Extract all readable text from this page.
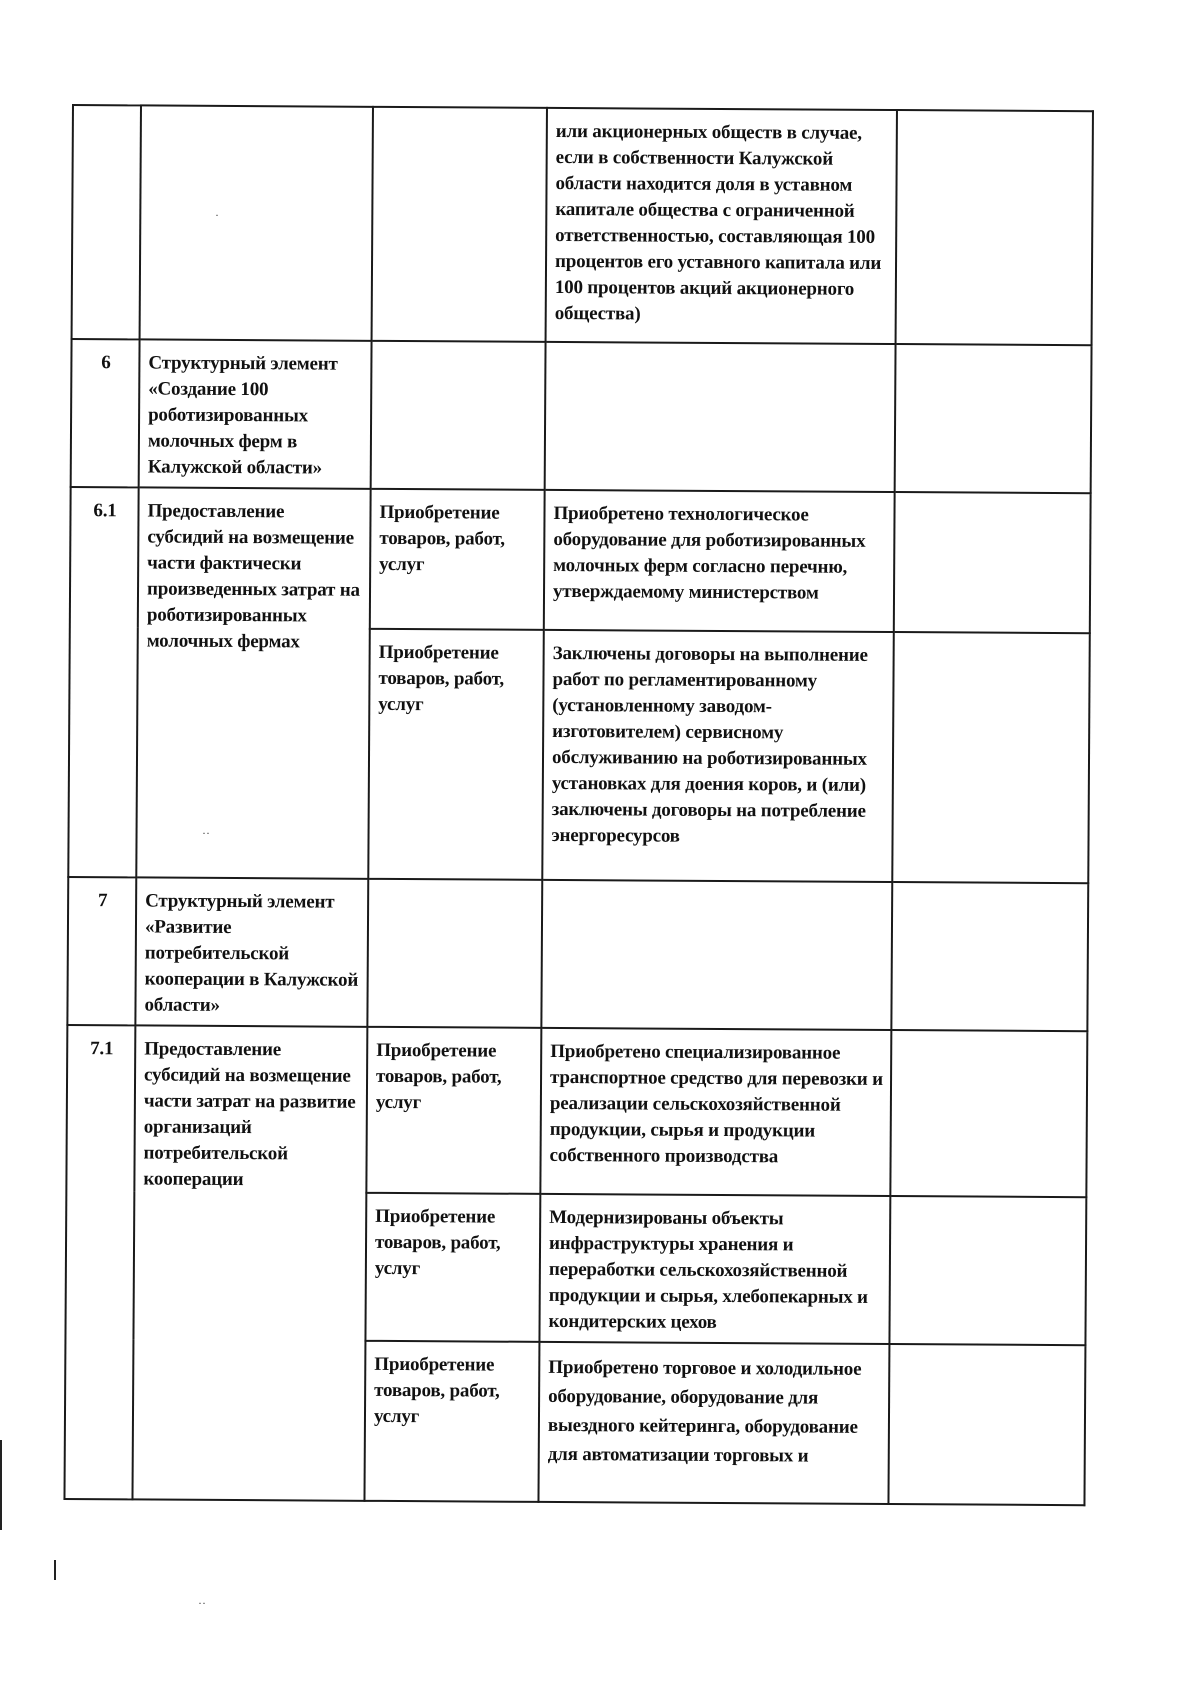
			или акционерных обществ в случае, если в собственности Калужской области находится доля в уставном капитале общества с ограниченной ответственностью, составляющая 100 процентов его уставного капитала или 100 процентов акций акционерного общества)	
6	Структурный элемент «Создание 100 роботизированных молочных ферм в Калужской области»			
6.1	Предоставление субсидий на возмещение части фактически произведенных затрат на роботизированных молочных фермах	Приобретение товаров, работ, услуг	Приобретено технологическое оборудование для роботизированных молочных ферм согласно перечню, утверждаемому министерством	
		Приобретение товаров, работ, услуг	Заключены договоры на выполнение работ по регламентированному (установленному заводом-изготовителем) сервисному обслуживанию на роботизированных установках для доения коров, и (или) заключены договоры на потребление энергоресурсов	
7	Структурный элемент «Развитие потребительской кооперации в Калужской области»			
7.1	Предоставление субсидий на возмещение части затрат на развитие организаций потребительской кооперации	Приобретение товаров, работ, услуг	Приобретено специализированное транспортное средство для перевозки и реализации сельскохозяйственной продукции, сырья и продукции собственного производства	
		Приобретение товаров, работ, услуг	Модернизированы объекты инфраструктуры хранения и переработки сельскохозяйственной продукции и сырья, хлебопекарных и кондитерских цехов	
		Приобретение товаров, работ, услуг	Приобретено торговое и холодильное оборудование, оборудование для выездного кейтеринга, оборудование для автоматизации торговых и	
·
··
··
